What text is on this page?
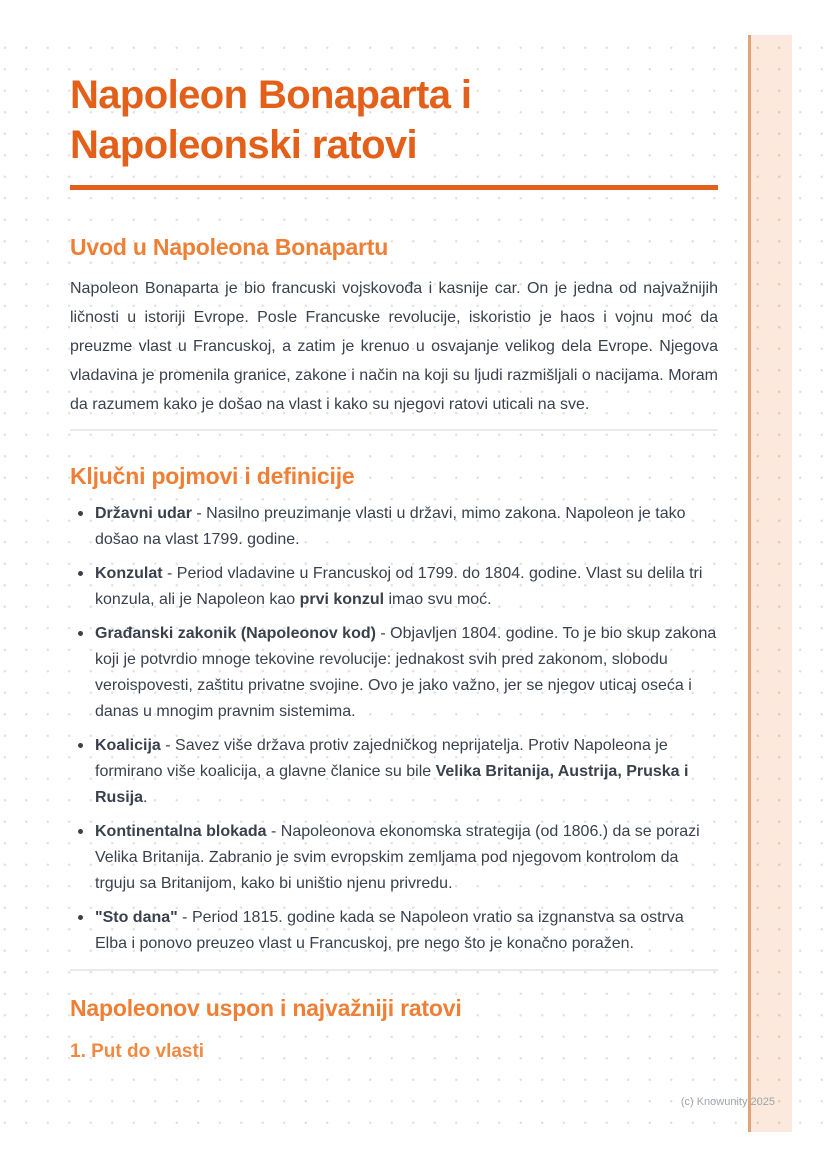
Napoleon Bonaparta i Napoleonski ratovi
Uvod u Napoleona Bonapartu

Napoleon Bonaparta je bio francuski vojskovođa i kasnije car. On je jedna od najvažnijih ličnosti u istoriji Evrope. Posle Francuske revolucije, iskoristio je haos i vojnu moć da preuzme vlast u Francuskoj, a zatim je krenuo u osvajanje velikog dela Evrope. Njegova vladavina je promenila granice, zakone i način na koji su ljudi razmišljali o nacijama. Moram da razumem kako je došao na vlast i kako su njegovi ratovi uticali na sve.

Ključni pojmovi i definicije
Državni udar - Nasilno preuzimanje vlasti u državi, mimo zakona. Napoleon je tako došao na vlast 1799. godine.
Konzulat - Period vladavine u Francuskoj od 1799. do 1804. godine. Vlast su delila tri konzula, ali je Napoleon kao prvi konzul imao svu moć.
Građanski zakonik (Napoleonov kod) - Objavljen 1804. godine. To je bio skup zakona koji je potvrdio mnoge tekovine revolucije: jednakost svih pred zakonom, slobodu veroispovesti, zaštitu privatne svojine. Ovo je jako važno, jer se njegov uticaj oseća i danas u mnogim pravnim sistemima.
Koalicija - Savez više država protiv zajedničkog neprijatelja. Protiv Napoleona je formirano više koalicija, a glavne članice su bile Velika Britanija, Austrija, Pruska i Rusija.
Kontinentalna blokada - Napoleonova ekonomska strategija (od 1806.) da se porazi Velika Britanija. Zabranio je svim evropskim zemljama pod njegovom kontrolom da trguju sa Britanijom, kako bi uništio njenu privredu.
"Sto dana" - Period 1815. godine kada se Napoleon vratio sa izgnanstva sa ostrva Elba i ponovo preuzeo vlast u Francuskoj, pre nego što je konačno poražen.
Napoleonov uspon i najvažniji ratovi
1. Put do vlasti
(c) Knowunity 2025
